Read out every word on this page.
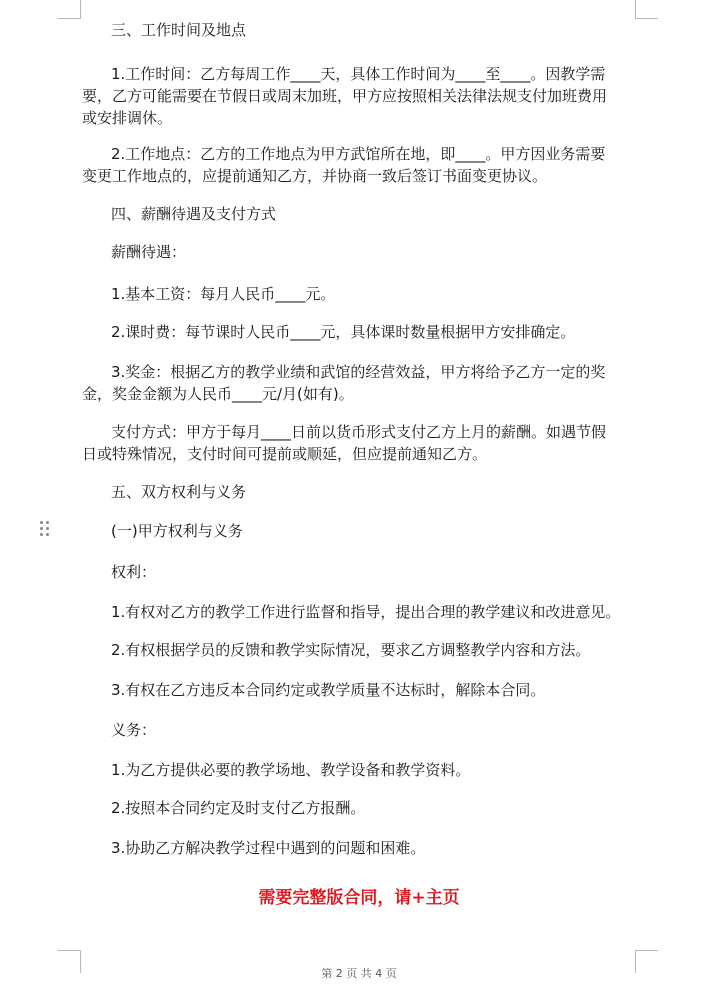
三、工作时间及地点
1.工作时间：乙方每周工作____天，具体工作时间为____至____。因教学需
要，乙方可能需要在节假日或周末加班，甲方应按照相关法律法规支付加班费用
或安排调休。
2.工作地点：乙方的工作地点为甲方武馆所在地，即____。甲方因业务需要
变更工作地点的，应提前通知乙方，并协商一致后签订书面变更协议。
四、薪酬待遇及支付方式
薪酬待遇：
1.基本工资：每月人民币____元。
2.课时费：每节课时人民币____元，具体课时数量根据甲方安排确定。
3.奖金：根据乙方的教学业绩和武馆的经营效益，甲方将给予乙方一定的奖
金，奖金金额为人民币____元/月(如有)。
支付方式：甲方于每月____日前以货币形式支付乙方上月的薪酬。如遇节假
日或特殊情况，支付时间可提前或顺延，但应提前通知乙方。
五、双方权利与义务
(一)甲方权利与义务
权利：
1.有权对乙方的教学工作进行监督和指导，提出合理的教学建议和改进意见。
2.有权根据学员的反馈和教学实际情况，要求乙方调整教学内容和方法。
3.有权在乙方违反本合同约定或教学质量不达标时，解除本合同。
义务：
1.为乙方提供必要的教学场地、教学设备和教学资料。
2.按照本合同约定及时支付乙方报酬。
3.协助乙方解决教学过程中遇到的问题和困难。
需要完整版合同，请+主页
第 2 页 共 4 页
